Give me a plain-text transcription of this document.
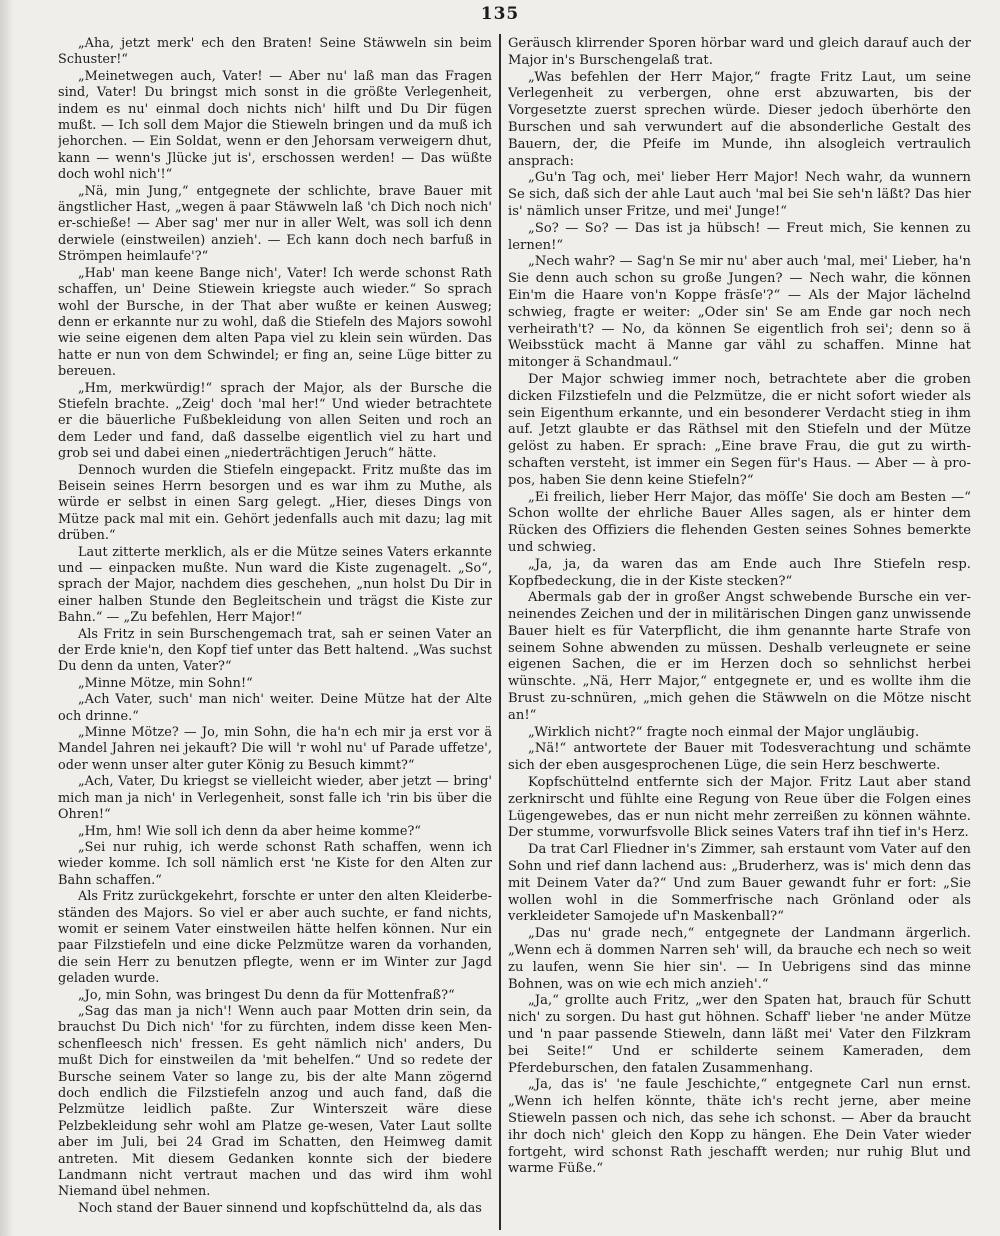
135

„Aha, jetzt merk' ech den Braten! Seine Stäwweln sin beim Schuster!“

„Meinetwegen auch, Vater! — Aber nu' laß man das Fragen sind, Vater! Du bringst mich sonst in die größte Verlegenheit, indem es nu' einmal doch nichts nich' hilft und Du Dir fügen mußt. — Ich soll dem Major die Stieweln bringen und da muß ich jehorchen. — Ein Soldat, wenn er den Jehorsam verweigern dhut, kann — wenn's Jlücke jut is', erschossen werden! — Das wüßte doch wohl nich'!“

„Nä, min Jung,“ entgegnete der schlichte, brave Bauer mit ängstlicher Hast, „wegen ä paar Stäwweln laß 'ch Dich noch nich' er-schieße! — Aber sag' mer nur in aller Welt, was soll ich denn derwiele (einstweilen) anzieh'. — Ech kann doch nech barfuß in Strömpen heimlaufe'?“

„Hab' man keene Bange nich', Vater! Ich werde schonst Rath schaffen, un' Deine Stiewein kriegste auch wieder.“ So sprach wohl der Bursche, in der That aber wußte er keinen Ausweg; denn er erkannte nur zu wohl, daß die Stiefeln des Majors sowohl wie seine eigenen dem alten Papa viel zu klein sein würden. Das hatte er nun von dem Schwindel; er fing an, seine Lüge bitter zu bereuen.

„Hm, merkwürdig!“ sprach der Major, als der Bursche die Stiefeln brachte. „Zeig' doch 'mal her!“ Und wieder betrachtete er die bäuerliche Fußbekleidung von allen Seiten und roch an dem Leder und fand, daß dasselbe eigentlich viel zu hart und grob sei und dabei einen „niederträchtigen Jeruch“ hätte.

Dennoch wurden die Stiefeln eingepackt. Fritz mußte das im Beisein seines Herrn besorgen und es war ihm zu Muthe, als würde er selbst in einen Sarg gelegt. „Hier, dieses Dings von Mütze pack mal mit ein. Gehört jedenfalls auch mit dazu; lag mit drüben.“

Laut zitterte merklich, als er die Mütze seines Vaters erkannte und — einpacken mußte. Nun ward die Kiste zugenagelt. „So“, sprach der Major, nachdem dies geschehen, „nun holst Du Dir in einer halben Stunde den Begleitschein und trägst die Kiste zur Bahn.“ — „Zu befehlen, Herr Major!“

Als Fritz in sein Burschengemach trat, sah er seinen Vater an der Erde knie'n, den Kopf tief unter das Bett haltend. „Was suchst Du denn da unten, Vater?“

„Minne Mötze, min Sohn!“

„Ach Vater, such' man nich' weiter. Deine Mütze hat der Alte och drinne.“

„Minne Mötze? — Jo, min Sohn, die ha'n ech mir ja erst vor ä Mandel Jahren nei jekauft? Die will 'r wohl nu' uf Parade uffetze', oder wenn unser alter guter König zu Besuch kimmt?“

„Ach, Vater, Du kriegst se vielleicht wieder, aber jetzt — bring' mich man ja nich' in Verlegenheit, sonst falle ich 'rin bis über die Ohren!“

„Hm, hm! Wie soll ich denn da aber heime komme?“

„Sei nur ruhig, ich werde schonst Rath schaffen, wenn ich wieder komme. Ich soll nämlich erst 'ne Kiste for den Alten zur Bahn schaffen.“

Als Fritz zurückgekehrt, forschte er unter den alten Kleiderbe-ständen des Majors. So viel er aber auch suchte, er fand nichts, womit er seinem Vater einstweilen hätte helfen können. Nur ein paar Filzstiefeln und eine dicke Pelzmütze waren da vorhanden, die sein Herr zu benutzen pflegte, wenn er im Winter zur Jagd geladen wurde.

„Jo, min Sohn, was bringest Du denn da für Mottenfraß?“

„Sag das man ja nich'! Wenn auch paar Motten drin sein, da brauchst Du Dich nich' 'for zu fürchten, indem disse keen Men-schenfleesch nich' fressen. Es geht nämlich nich' anders, Du mußt Dich for einstweilen da 'mit behelfen.“ Und so redete der Bursche seinem Vater so lange zu, bis der alte Mann zögernd doch endlich die Filzstiefeln anzog und auch fand, daß die Pelzmütze leidlich paßte. Zur Winterszeit wäre diese Pelzbekleidung sehr wohl am Platze ge-wesen, Vater Laut sollte aber im Juli, bei 24 Grad im Schatten, den Heimweg damit antreten. Mit diesem Gedanken konnte sich der biedere Landmann nicht vertraut machen und das wird ihm wohl Niemand übel nehmen.

Noch stand der Bauer sinnend und kopfschüttelnd da, als das

Geräusch klirrender Sporen hörbar ward und gleich darauf auch der Major in's Burschengelaß trat.

„Was befehlen der Herr Major,“ fragte Fritz Laut, um seine Verlegenheit zu verbergen, ohne erst abzuwarten, bis der Vorgesetzte zuerst sprechen würde. Dieser jedoch überhörte den Burschen und sah verwundert auf die absonderliche Gestalt des Bauern, der, die Pfeife im Munde, ihn alsogleich vertraulich ansprach:

„Gu'n Tag och, mei' lieber Herr Major! Nech wahr, da wunnern Se sich, daß sich der ahle Laut auch 'mal bei Sie seh'n läßt? Das hier is' nämlich unser Fritze, und mei' Junge!“

„So? — So? — Das ist ja hübsch! — Freut mich, Sie kennen zu lernen!“

„Nech wahr? — Sag'n Se mir nu' aber auch 'mal, mei' Lieber, ha'n Sie denn auch schon su große Jungen? — Nech wahr, die können Ein'm die Haare von'n Koppe fräsſe'?“ — Als der Major lächelnd schwieg, fragte er weiter: „Oder sin' Se am Ende gar noch nech verheirath't? — No, da können Se eigentlich froh sei'; denn so ä Weibsstück macht ä Manne gar vähl zu schaffen. Minne hat mitonger ä Schandmaul.“

Der Major schwieg immer noch, betrachtete aber die groben dicken Filzstiefeln und die Pelzmütze, die er nicht sofort wieder als sein Eigenthum erkannte, und ein besonderer Verdacht stieg in ihm auf. Jetzt glaubte er das Räthsel mit den Stiefeln und der Mütze gelöst zu haben. Er sprach: „Eine brave Frau, die gut zu wirth-schaften versteht, ist immer ein Segen für's Haus. — Aber — à pro-pos, haben Sie denn keine Stiefeln?“

„Ei freilich, lieber Herr Major, das möſſe' Sie doch am Besten —“ Schon wollte der ehrliche Bauer Alles sagen, als er hinter dem Rücken des Offiziers die flehenden Gesten seines Sohnes bemerkte und schwieg.

„Ja, ja, da waren das am Ende auch Ihre Stiefeln resp. Kopfbedeckung, die in der Kiste stecken?“

Abermals gab der in großer Angst schwebende Bursche ein ver-neinendes Zeichen und der in militärischen Dingen ganz unwissende Bauer hielt es für Vaterpflicht, die ihm genannte harte Strafe von seinem Sohne abwenden zu müssen. Deshalb verleugnete er seine eigenen Sachen, die er im Herzen doch so sehnlichst herbei wünschte. „Nä, Herr Major,“ entgegnete er, und es wollte ihm die Brust zu-schnüren, „mich gehen die Stäwweln on die Mötze nischt an!“

„Wirklich nicht?“ fragte noch einmal der Major ungläubig.

„Nä!“ antwortete der Bauer mit Todesverachtung und schämte sich der eben ausgesprochenen Lüge, die sein Herz beschwerte.

Kopfschüttelnd entfernte sich der Major. Fritz Laut aber stand zerknirscht und fühlte eine Regung von Reue über die Folgen eines Lügengewebes, das er nun nicht mehr zerreißen zu können wähnte. Der stumme, vorwurfsvolle Blick seines Vaters traf ihn tief in's Herz.

Da trat Carl Fliedner in's Zimmer, sah erstaunt vom Vater auf den Sohn und rief dann lachend aus: „Bruderherz, was is' mich denn das mit Deinem Vater da?“ Und zum Bauer gewandt fuhr er fort: „Sie wollen wohl in die Sommerfrische nach Grönland oder als verkleideter Samojede uf'n Maskenball?“

„Das nu' grade nech,“ entgegnete der Landmann ärgerlich. „Wenn ech ä dommen Narren seh' will, da brauche ech nech so weit zu laufen, wenn Sie hier sin'. — In Uebrigens sind das minne Bohnen, was on wie ech mich anzieh'.“

„Ja,“ grollte auch Fritz, „wer den Spaten hat, brauch für Schutt nich' zu sorgen. Du hast gut höhnen. Schaff' lieber 'ne ander Mütze und 'n paar passende Stieweln, dann läßt mei' Vater den Filzkram bei Seite!“ Und er schilderte seinem Kameraden, dem Pferdeburschen, den fatalen Zusammenhang.

„Ja, das is' 'ne faule Jeschichte,“ entgegnete Carl nun ernst. „Wenn ich helfen könnte, thäte ich's recht jerne, aber meine Stieweln passen och nich, das sehe ich schonst. — Aber da braucht ihr doch nich' gleich den Kopp zu hängen. Ehe Dein Vater wieder fortgeht, wird schonst Rath jeschafft werden; nur ruhig Blut und warme Füße.“
